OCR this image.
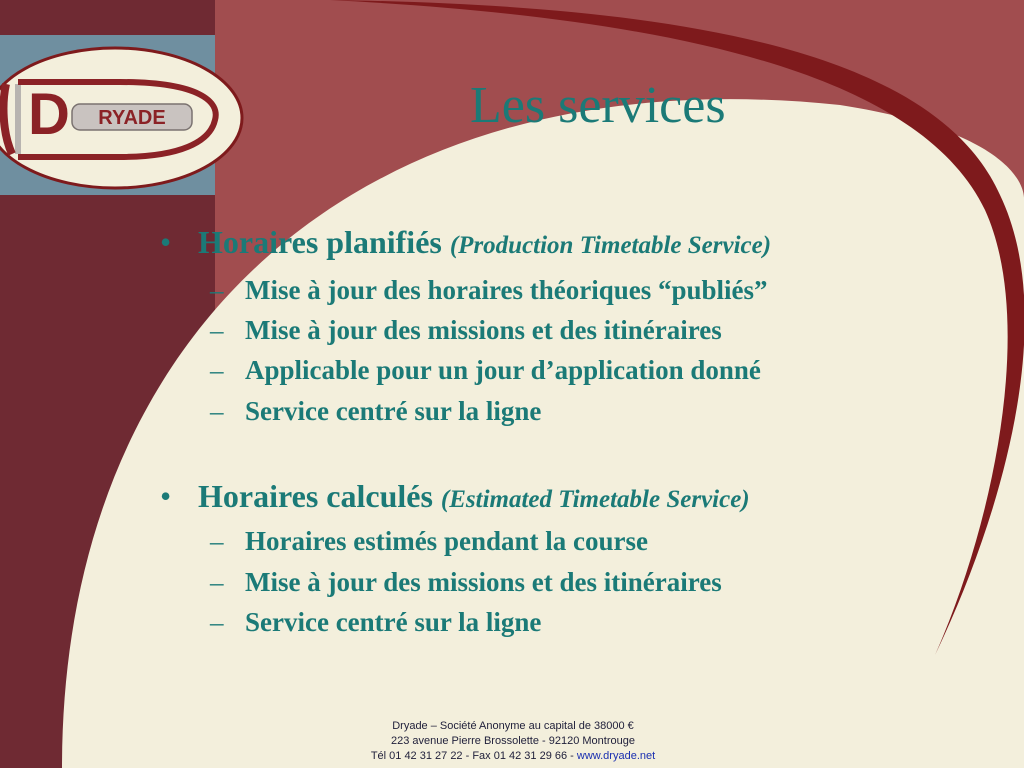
D RYADE	Les services
• Horaires planifiés (Production Timetable Service)
– Mise à jour des horaires théoriques “publiés”
– Mise à jour des missions et des itinéraires
– Applicable pour un jour d’application donné
– Service centré sur la ligne
• Horaires calculés (Estimated Timetable Service)
– Horaires estimés pendant la course
– Mise à jour des missions et des itinéraires
– Service centré sur la ligne
Dryade – Société Anonyme au capital de 38000 €
223 avenue Pierre Brossolette - 92120 Montrouge
Tél 01 42 31 27 22 - Fax 01 42 31 29 66 - www.dryade.net
